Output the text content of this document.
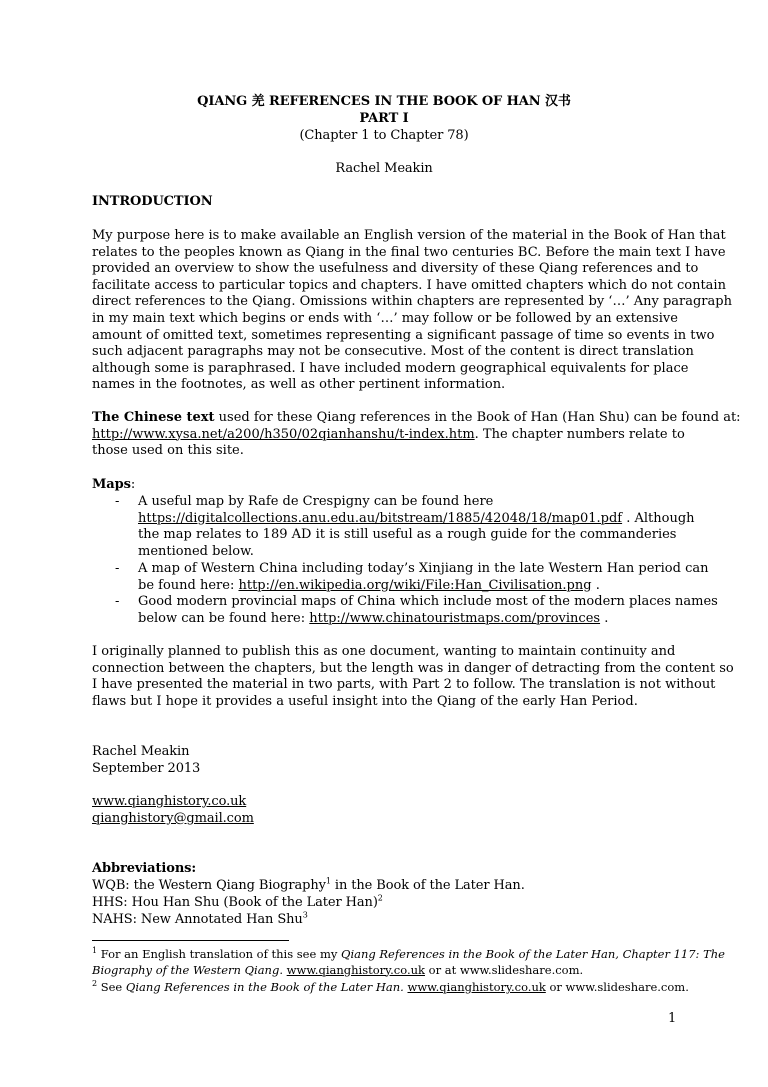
QIANG 羌 REFERENCES IN THE BOOK OF HAN 汉书
PART I
(Chapter 1 to Chapter 78)
Rachel Meakin
INTRODUCTION
My purpose here is to make available an English version of the material in the Book of Han that
relates to the peoples known as Qiang in the final two centuries BC. Before the main text I have
provided an overview to show the usefulness and diversity of these Qiang references and to
facilitate access to particular topics and chapters. I have omitted chapters which do not contain
direct references to the Qiang. Omissions within chapters are represented by ‘…’ Any paragraph
in my main text which begins or ends with ‘…’ may follow or be followed by an extensive
amount of omitted text, sometimes representing a significant passage of time so events in two
such adjacent paragraphs may not be consecutive. Most of the content is direct translation
although some is paraphrased. I have included modern geographical equivalents for place
names in the footnotes, as well as other pertinent information.
The Chinese text used for these Qiang references in the Book of Han (Han Shu) can be found at:
http://www.xysa.net/a200/h350/02qianhanshu/t-index.htm. The chapter numbers relate to
those used on this site.
Maps:
- A useful map by Rafe de Crespigny can be found here
https://digitalcollections.anu.edu.au/bitstream/1885/42048/18/map01.pdf . Although
the map relates to 189 AD it is still useful as a rough guide for the commanderies
mentioned below.
- A map of Western China including today’s Xinjiang in the late Western Han period can
be found here: http://en.wikipedia.org/wiki/File:Han_Civilisation.png .
- Good modern provincial maps of China which include most of the modern places names
below can be found here: http://www.chinatouristmaps.com/provinces .
I originally planned to publish this as one document, wanting to maintain continuity and
connection between the chapters, but the length was in danger of detracting from the content so
I have presented the material in two parts, with Part 2 to follow. The translation is not without
flaws but I hope it provides a useful insight into the Qiang of the early Han Period.
Rachel Meakin
September 2013
www.qianghistory.co.uk
qianghistory@gmail.com
Abbreviations:
WQB: the Western Qiang Biography$^1$ in the Book of the Later Han.
HHS: Hou Han Shu (Book of the Later Han)$^2$
NAHS: New Annotated Han Shu$^3$
$^1$ For an English translation of this see my Qiang References in the Book of the Later Han, Chapter 117: The
Biography of the Western Qiang. www.qianghistory.co.uk or at www.slideshare.com.
$^2$ See Qiang References in the Book of the Later Han. www.qianghistory.co.uk or www.slideshare.com.
1
